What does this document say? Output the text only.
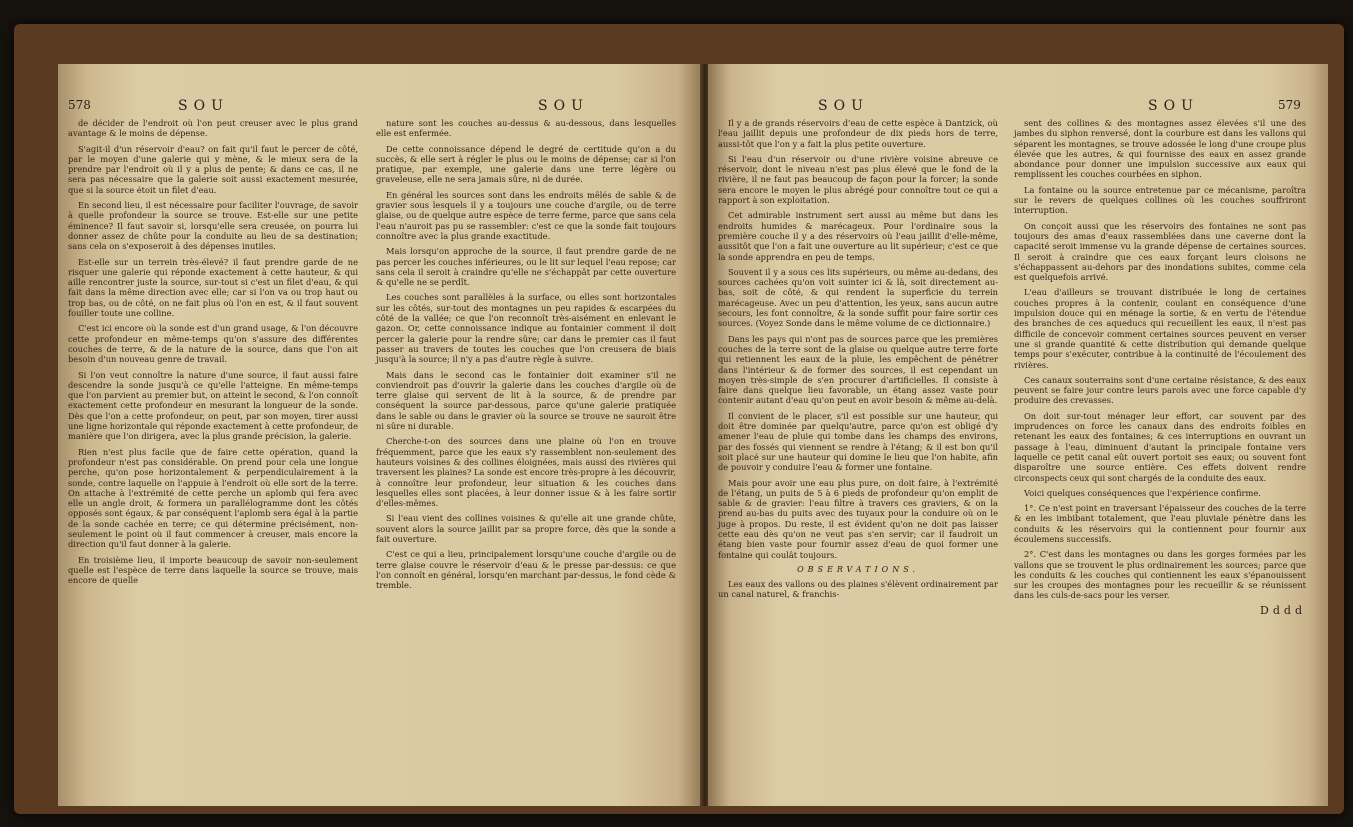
578	SOU	SOU

de décider de l'endroit où l'on peut creuser avec le plus grand avantage & le moins de dépense.

S'agit-il d'un réservoir d'eau? on fait qu'il faut le percer de côté, par le moyen d'une galerie qui y mène, & le mieux sera de la prendre par l'endroit où il y a plus de pente; & dans ce cas, il ne sera pas nécessaire que la galerie soit aussi exactement mesurée, que si la source étoit un filet d'eau.

En second lieu, il est nécessaire pour faciliter l'ouvrage, de savoir à quelle profondeur la source se trouve. Est-elle sur une petite éminence? Il faut savoir si, lorsqu'elle sera creusée, on pourra lui donner assez de chûte pour la conduite au lieu de sa destination; sans cela on s'exposeroit à des dépenses inutiles.

Est-elle sur un terrein très-élevé? il faut prendre garde de ne risquer une galerie qui réponde exactement à cette hauteur, & qui aille rencontrer juste la source, sur-tout si c'est un filet d'eau, & qui fait dans la même direction avec elle; car si l'on va ou trop haut ou trop bas, ou de côté, on ne fait plus où l'on en est, & il faut souvent fouiller toute une colline.

C'est ici encore où la sonde est d'un grand usage, & l'on découvre cette profondeur en même-temps qu'on s'assure des différentes couches de terre, & de la nature de la source, dans que l'on ait besoin d'un nouveau genre de travail.

Si l'on veut connoître la nature d'une source, il faut aussi faire descendre la sonde jusqu'à ce qu'elle l'atteigne. En même-temps que l'on parvient au premier but, on atteint le second, & l'on connoît exactement cette profondeur en mesurant la longueur de la sonde. Dès que l'on a cette profondeur, on peut, par son moyen, tirer aussi une ligne horizontale qui réponde exactement à cette profondeur, de manière que l'on dirigera, avec la plus grande précision, la galerie.

Rien n'est plus facile que de faire cette opération, quand la profondeur n'est pas considérable. On prend pour cela une longue perche, qu'on pose horizontalement & perpendiculairement à la sonde, contre laquelle on l'appuie à l'endroit où elle sort de la terre. On attache à l'extrémité de cette perche un aplomb qui fera avec elle un angle droit, & formera un parallélogramme dont les côtés opposés sont égaux, & par conséquent l'aplomb sera égal à la partie de la sonde cachée en terre; ce qui détermine précisément, non-seulement le point où il faut commencer à creuser, mais encore la direction qu'il faut donner à la galerie.

En troisième lieu, il importe beaucoup de savoir non-seulement quelle est l'espèce de terre dans laquelle la source se trouve, mais encore de quelle

nature sont les couches au-dessus & au-dessous, dans lesquelles elle est enfermée.

De cette connoissance dépend le degré de certitude qu'on a du succès, & elle sert à régler le plus ou le moins de dépense; car si l'on pratique, par exemple, une galerie dans une terre légère ou graveleuse, elle ne sera jamais sûre, ni de durée.

En général les sources sont dans les endroits mêlés de sable & de gravier sous lesquels il y a toujours une couche d'argile, ou de terre glaise, ou de quelque autre espèce de terre ferme, parce que sans cela l'eau n'auroit pas pu se rassembler: c'est ce que la sonde fait toujours connoître avec la plus grande exactitude.

Mais lorsqu'on approche de la source, il faut prendre garde de ne pas percer les couches inférieures, ou le lit sur lequel l'eau repose; car sans cela il seroit à craindre qu'elle ne s'échappât par cette ouverture & qu'elle ne se perdît.

Les couches sont parallèles à la surface, ou elles sont horizontales sur les côtés, sur-tout des montagnes un peu rapides & escarpées du côté de la vallée; ce que l'on reconnoît très-aisément en enlevant le gazon. Or, cette connoissance indique au fontainier comment il doit percer la galerie pour la rendre sûre; car dans le premier cas il faut passer au travers de toutes les couches que l'on creusera de biais jusqu'à la source; il n'y a pas d'autre règle à suivre.

Mais dans le second cas le fontainier doit examiner s'il ne conviendroit pas d'ouvrir la galerie dans les couches d'argile où de terre glaise qui servent de lit à la source, & de prendre par conséquent la source par-dessous, parce qu'une galerie pratiquée dans le sable ou dans le gravier où la source se trouve ne sauroit être ni sûre ni durable.

Cherche-t-on des sources dans une plaine où l'on en trouve fréquemment, parce que les eaux s'y rassemblent non-seulement des hauteurs voisines & des collines éloignées, mais aussi des rivières qui traversent les plaines? La sonde est encore très-propre à les découvrir, à connoître leur profondeur, leur situation & les couches dans lesquelles elles sont placées, à leur donner issue & à les faire sortir d'elles-mêmes.

Si l'eau vient des collines voisines & qu'elle ait une grande chûte, souvent alors la source jaillit par sa propre force, dès que la sonde a fait ouverture.

C'est ce qui a lieu, principalement lorsqu'une couche d'argile ou de terre glaise couvre le réservoir d'eau & le presse par-dessus: ce que l'on connoît en général, lorsqu'en marchant par-dessus, le fond cède & tremble.

SOU	SOU	579

Il y a de grands réservoirs d'eau de cette espèce à Dantzick, où l'eau jaillit depuis une profondeur de dix pieds hors de terre, aussi-tôt que l'on y a fait la plus petite ouverture.

Si l'eau d'un réservoir ou d'une rivière voisine abreuve ce réservoir, dont le niveau n'est pas plus élevé que le fond de la rivière, il ne faut pas beaucoup de façon pour la forcer; la sonde sera encore le moyen le plus abrégé pour connoître tout ce qui a rapport à son exploitation.

Cet admirable instrument sert aussi au même but dans les endroits humides & marécageux. Pour l'ordinaire sous la première couche il y a des réservoirs où l'eau jaillit d'elle-même, aussitôt que l'on a fait une ouverture au lit supérieur; c'est ce que la sonde apprendra en peu de temps.

Souvent il y a sous ces lits supérieurs, ou même au-dedans, des sources cachées qu'on voit suinter ici & là, soit directement au-bas, soit de côté, & qui rendent la superficie du terrein marécageuse. Avec un peu d'attention, les yeux, sans aucun autre secours, les font connoître, & la sonde suffit pour faire sortir ces sources. (Voyez Sonde dans le même volume de ce dictionnaire.)

Dans les pays qui n'ont pas de sources parce que les premières couches de la terre sont de la glaise ou quelque autre terre forte qui retiennent les eaux de la pluie, les empêchent de pénétrer dans l'intérieur & de former des sources, il est cependant un moyen très-simple de s'en procurer d'artificielles. Il consiste à faire dans quelque lieu favorable, un étang assez vaste pour contenir autant d'eau qu'on peut en avoir besoin & même au-delà.

Il convient de le placer, s'il est possible sur une hauteur, qui doit être dominée par quelqu'autre, parce qu'on est obligé d'y amener l'eau de pluie qui tombe dans les champs des environs, par des fossés qui viennent se rendre à l'étang; & il est bon qu'il soit placé sur une hauteur qui domine le lieu que l'on habite, afin de pouvoir y conduire l'eau & former une fontaine.

Mais pour avoir une eau plus pure, on doit faire, à l'extrémité de l'étang, un puits de 5 à 6 pieds de profondeur qu'on emplit de sable & de gravier: l'eau filtre à travers ces graviers, & on la prend au-bas du puits avec des tuyaux pour la conduire où on le juge à propos. Du reste, il est évident qu'on ne doit pas laisser cette eau dès qu'on ne veut pas s'en servir; car il faudroit un étang bien vaste pour fournir assez d'eau de quoi former une fontaine qui coulât toujours.

OBSERVATIONS.

Les eaux des vallons ou des plaines s'élèvent ordinairement par un canal naturel, & franchis-

sent des collines & des montagnes assez élevées s'il une des jambes du siphon renversé, dont la courbure est dans les vallons qui séparent les montagnes, se trouve adossée le long d'une croupe plus élevée que les autres, & qui fournisse des eaux en assez grande abondance pour donner une impulsion successive aux eaux qui remplissent les couches courbées en siphon.

La fontaine ou la source entretenue par ce mécanisme, paroîtra sur le revers de quelques collines où les couches souffriront interruption.

On conçoit aussi que les réservoirs des fontaines ne sont pas toujours des amas d'eaux rassemblées dans une caverne dont la capacité seroit immense vu la grande dépense de certaines sources. Il seroit à craindre que ces eaux forçant leurs cloisons ne s'échappassent au-dehors par des inondations subites, comme cela est quelquefois arrivé.

L'eau d'ailleurs se trouvant distribuée le long de certaines couches propres à la contenir, coulant en conséquence d'une impulsion douce qui en ménage la sortie, & en vertu de l'étendue des branches de ces aqueducs qui recueillent les eaux, il n'est pas difficile de concevoir comment certaines sources peuvent en verser une si grande quantité & cette distribution qui demande quelque temps pour s'exécuter, contribue à la continuité de l'écoulement des rivières.

Ces canaux souterrains sont d'une certaine résistance, & des eaux peuvent se faire jour contre leurs parois avec une force capable d'y produire des crevasses.

On doit sur-tout ménager leur effort, car souvent par des imprudences on force les canaux dans des endroits foibles en retenant les eaux des fontaines; & ces interruptions en ouvrant un passage à l'eau, diminuent d'autant la principale fontaine vers laquelle ce petit canal eût ouvert portoit ses eaux; ou souvent font disparoître une source entière. Ces effets doivent rendre circonspects ceux qui sont chargés de la conduite des eaux.

Voici quelques conséquences que l'expérience confirme.

1°. Ce n'est point en traversant l'épaisseur des couches de la terre & en les imbibant totalement, que l'eau pluviale pénètre dans les conduits & les réservoirs qui la contiennent pour fournir aux écoulemens successifs.

2°. C'est dans les montagnes ou dans les gorges formées par les vallons que se trouvent le plus ordinairement les sources; parce que les conduits & les couches qui contiennent les eaux s'épanouissent sur les croupes des montagnes pour les recueillir & se réunissent dans les culs-de-sacs pour les verser.

Dddd
